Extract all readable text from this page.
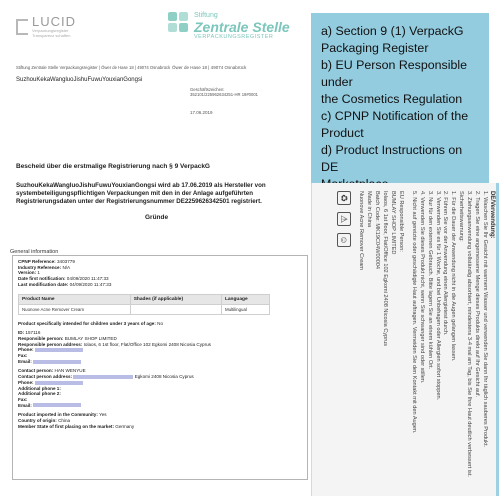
LUCID
Verpackungsregister
Transparenz schaffen
Stiftung
Zentrale Stelle
VERPACKUNGSREGISTER
Stiftung Zentrale Stelle Verpackungsregister | Öwer de Hase 18 | 49074 Osnabrück
SuzhouKekaWangluoJishuFuwuYouxianGongsi
Öwer de Hase 18 | 49074 Osnabrück
Geschäftszeichen:
352101/225962634251-HR 19#0001
17.06.2019
Bescheid über die erstmalige Registrierung nach § 9 VerpackG
SuzhouKekaWangluoJishuFuwuYouxianGongsi wird ab 17.06.2019 als Hersteller von systembeteiligungspflichtigen Verpackungen mit den in der Anlage aufgeführten Registrierungsdaten unter der Registrierungsnummer DE2259626342501 registriert.
Gründe
a) Section 9 (1) VerpackG
Packaging Register
b) EU Person Responsible under
the Cosmetics Regulation
c) CPNP Notification of the
Product
d) Product Instructions on DE
DE/Verwendung:
1. Waschen Sie Ihr Gesicht mit warmem Wasser und verwenden Sie dann Ihr täglich sauberes Produkt.
2. Tragen Sie eine angemessene Menge dieses Produkts direkt auf Ihr Gesicht auf.
3. Ziehungsanwendung vollständig absorbiert, mindestens 3-4 mal am Tag, bis Sie Ihre Haut deutlich verbessert ist.
Sicherheitswarnung:
1. Für die Dauer der Anwendung nicht in die Augen gelangen lassen.
2. Führen Sie vor der Anwendung einen Allergietest durch.
3. Verwenden Sie es für 1 Woche, und bei Unbehagen oder Allergien sofort stoppen.
3. Nur für den externen Gebrauch. Bitte lagern Sie an einem kühlen Ort.
4. Verwenden Sie dieses Produkt nicht, wenn Sie schwanger sind oder stillen.
5. Nicht auf gereizte oder geschädigte Haut auftragen. Vermeiden Sie den Kontakt mit den Augen.
EU Responsible Person:
BUMLAY SHOP LIMITED
Iolaos, 6 1st floor, Flat/Office 102 Egkomi 2408 Nicosia Cyprus
Batch Code: MK19C04W00004
Made in China
Nuonove Acne Remover Cream
♻
⚠
☺
General information
CPNP Reference: 3403779
Industry Reference: N/A
Version: 1
Date first notification: 04/09/2020 11:47:33
Last modification date: 04/09/2020 11:47:33
Product Name	Shades (if applicable)	Language
Nuonove Acne Remover Cream		Multilingual
Product specifically intended for children under 3 years of age: No
ID: 157116
Responsible person: BUMLAY SHOP LIMITED
Responsible person address: Iolaos, 6 1st floor, Flat/Office 102 Egkomi 2408 Nicosia Cyprus
Phone:
Fax:
Email:
Contact person: HAN WENYUE
Contact person address:	Egkomi 2408 Nicosia Cyprus
Phone:
Additional phone 1:
Additional phone 2:
Fax:
Email:
Product imported in the Community: Yes
Country of origin: China
Member State of first placing on the market: Germany
